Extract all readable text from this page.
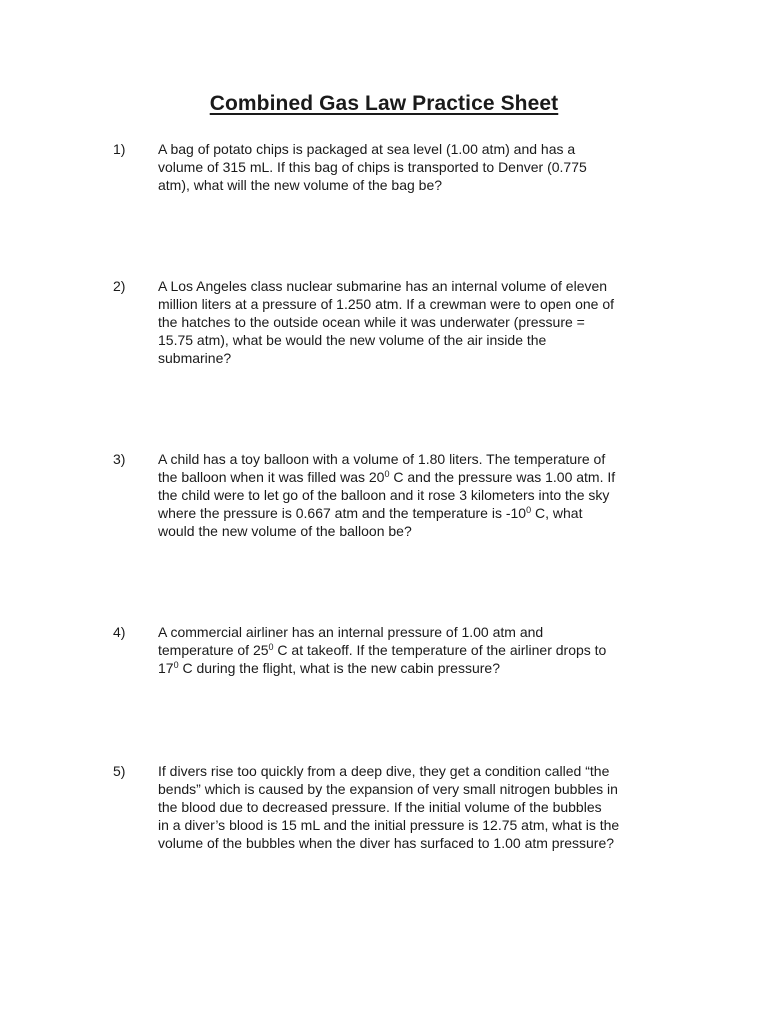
Combined Gas Law Practice Sheet
1) A bag of potato chips is packaged at sea level (1.00 atm) and has a
volume of 315 mL. If this bag of chips is transported to Denver (0.775
atm), what will the new volume of the bag be?
2) A Los Angeles class nuclear submarine has an internal volume of eleven
million liters at a pressure of 1.250 atm. If a crewman were to open one of
the hatches to the outside ocean while it was underwater (pressure =
15.75 atm), what be would the new volume of the air inside the
submarine?
3) A child has a toy balloon with a volume of 1.80 liters. The temperature of
the balloon when it was filled was $20^0$ C and the pressure was 1.00 atm. If
the child were to let go of the balloon and it rose 3 kilometers into the sky
where the pressure is 0.667 atm and the temperature is $-10^0$ C, what
would the new volume of the balloon be?
4) A commercial airliner has an internal pressure of 1.00 atm and
temperature of $25^0$ C at takeoff. If the temperature of the airliner drops to
$17^0$ C during the flight, what is the new cabin pressure?
5) If divers rise too quickly from a deep dive, they get a condition called “the
bends” which is caused by the expansion of very small nitrogen bubbles in
the blood due to decreased pressure. If the initial volume of the bubbles
in a diver’s blood is 15 mL and the initial pressure is 12.75 atm, what is the
volume of the bubbles when the diver has surfaced to 1.00 atm pressure?
